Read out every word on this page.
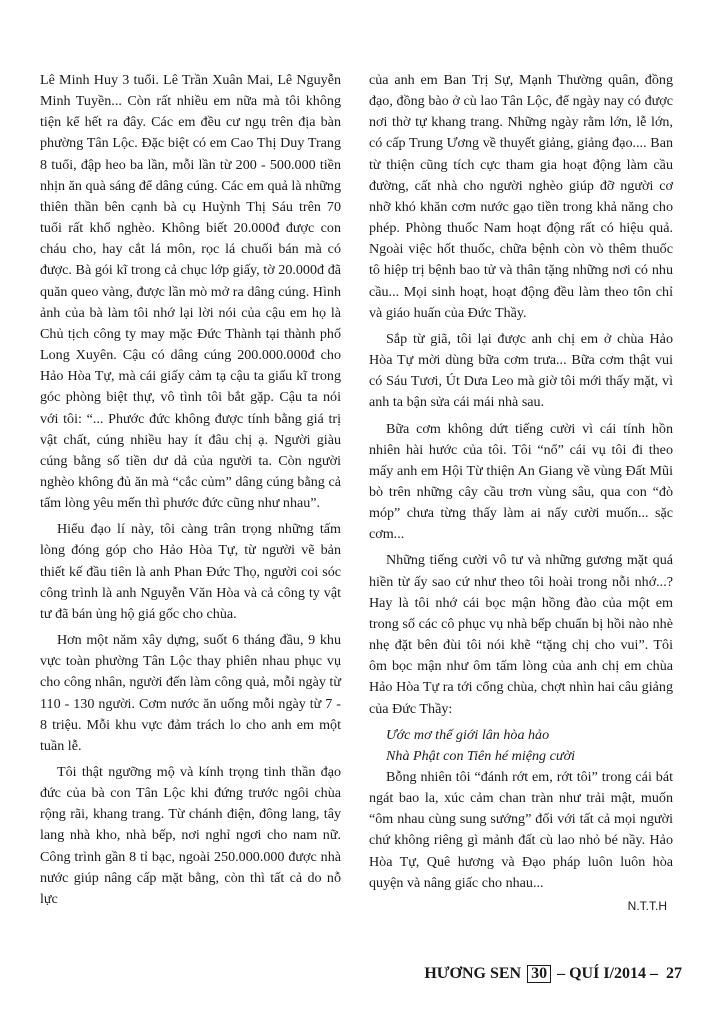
Lê Minh Huy 3 tuổi. Lê Trần Xuân Mai, Lê Nguyễn Minh Tuyền... Còn rất nhiều em nữa mà tôi không tiện kể hết ra đây. Các em đều cư ngụ trên địa bàn phường Tân Lộc. Đặc biệt có em Cao Thị Duy Trang 8 tuổi, đập heo ba lần, mỗi lần từ 200 - 500.000 tiền nhịn ăn quà sáng để dâng cúng. Các em quả là những thiên thần bên cạnh bà cụ Huỳnh Thị Sáu trên 70 tuổi rất khổ nghèo. Không biết 20.000đ được con cháu cho, hay cắt lá môn, rọc lá chuối bán mà có được. Bà gói kĩ trong cả chục lớp giấy, tờ 20.000đ đã quăn queo vàng, được lần mò mở ra dâng cúng. Hình ảnh của bà làm tôi nhớ lại lời nói của cậu em họ là Chủ tịch công ty may mặc Đức Thành tại thành phố Long Xuyên. Cậu có dâng cúng 200.000.000đ cho Hảo Hòa Tự, mà cái giấy cảm tạ cậu ta giấu kĩ trong góc phòng biệt thự, vô tình tôi bắt gặp. Cậu ta nói với tôi: “... Phước đức không được tính bằng giá trị vật chất, cúng nhiều hay ít đâu chị ạ. Người giàu cúng bằng số tiền dư dả của người ta. Còn người nghèo không đủ ăn mà “cắc củm” dâng cúng bằng cả tấm lòng yêu mến thì phước đức cũng như nhau”.

Hiểu đạo lí này, tôi càng trân trọng những tấm lòng đóng góp cho Hảo Hòa Tự, từ người vẽ bản thiết kế đầu tiên là anh Phan Đức Thọ, người coi sóc công trình là anh Nguyễn Văn Hòa và cả công ty vật tư đã bán ủng hộ giá gốc cho chùa.

Hơn một năm xây dựng, suốt 6 tháng đầu, 9 khu vực toàn phường Tân Lộc thay phiên nhau phục vụ cho công nhân, người đến làm công quả, mỗi ngày từ 110 - 130 người. Cơm nước ăn uống mỗi ngày từ 7 - 8 triệu. Mỗi khu vực đảm trách lo cho anh em một tuần lễ.

Tôi thật ngưỡng mộ và kính trọng tinh thần đạo đức của bà con Tân Lộc khi đứng trước ngôi chùa rộng rãi, khang trang. Từ chánh điện, đông lang, tây lang nhà kho, nhà bếp, nơi nghỉ ngơi cho nam nữ. Công trình gần 8 tỉ bạc, ngoài 250.000.000 được nhà nước giúp nâng cấp mặt bằng, còn thì tất cả do nỗ lực

của anh em Ban Trị Sự, Mạnh Thường quân, đồng đạo, đồng bào ở cù lao Tân Lộc, để ngày nay có được nơi thờ tự khang trang. Những ngày rằm lớn, lễ lớn, có cấp Trung Ương về thuyết giảng, giảng đạo.... Ban từ thiện cũng tích cực tham gia hoạt động làm cầu đường, cất nhà cho người nghèo giúp đỡ người cơ nhỡ khó khăn cơm nước gạo tiền trong khả năng cho phép. Phòng thuốc Nam hoạt động rất có hiệu quả. Ngoài việc hốt thuốc, chữa bệnh còn vò thêm thuốc tô hiệp trị bệnh bao tử và thân tặng những nơi có nhu cầu... Mọi sinh hoạt, hoạt động đều làm theo tôn chỉ và giáo huấn của Đức Thầy.

Sắp từ giã, tôi lại được anh chị em ở chùa Hảo Hòa Tự mời dùng bữa cơm trưa... Bữa cơm thật vui có Sáu Tươi, Út Dưa Leo mà giờ tôi mới thấy mặt, vì anh ta bận sửa cái mái nhà sau.

Bữa cơm không dứt tiếng cười vì cái tính hồn nhiên hài hước của tôi. Tôi “nổ” cái vụ tôi đi theo mấy anh em Hội Từ thiện An Giang về vùng Đất Mũi bò trên những cây cầu trơn vùng sâu, qua con “đò móp” chưa từng thấy làm ai nấy cười muốn... sặc cơm...

Những tiếng cười vô tư và những gương mặt quá hiền từ ấy sao cứ như theo tôi hoài trong nỗi nhớ...? Hay là tôi nhớ cái bọc mận hồng đào của một em trong số các cô phục vụ nhà bếp chuẩn bị hồi nào nhè nhẹ đặt bên đùi tôi nói khẽ “tặng chị cho vui”. Tôi ôm bọc mận như ôm tấm lòng của anh chị em chùa Hảo Hòa Tự ra tới cổng chùa, chợt nhìn hai câu giảng của Đức Thầy:

Ước mơ thế giới lân hòa hảo

Nhà Phật con Tiên hé miệng cười

Bỗng nhiên tôi “đánh rớt em, rớt tôi” trong cái bát ngát bao la, xúc cảm chan tràn như trải mật, muốn “ôm nhau cùng sung sướng” đối với tất cả mọi người chứ không riêng gì mảnh đất cù lao nhỏ bé nầy. Hảo Hòa Tự, Quê hương và Đạo pháp luôn luôn hòa quyện và nâng giấc cho nhau...

N.T.T.H

HƯƠNG SEN 30 – QUÍ I/2014 – 27
